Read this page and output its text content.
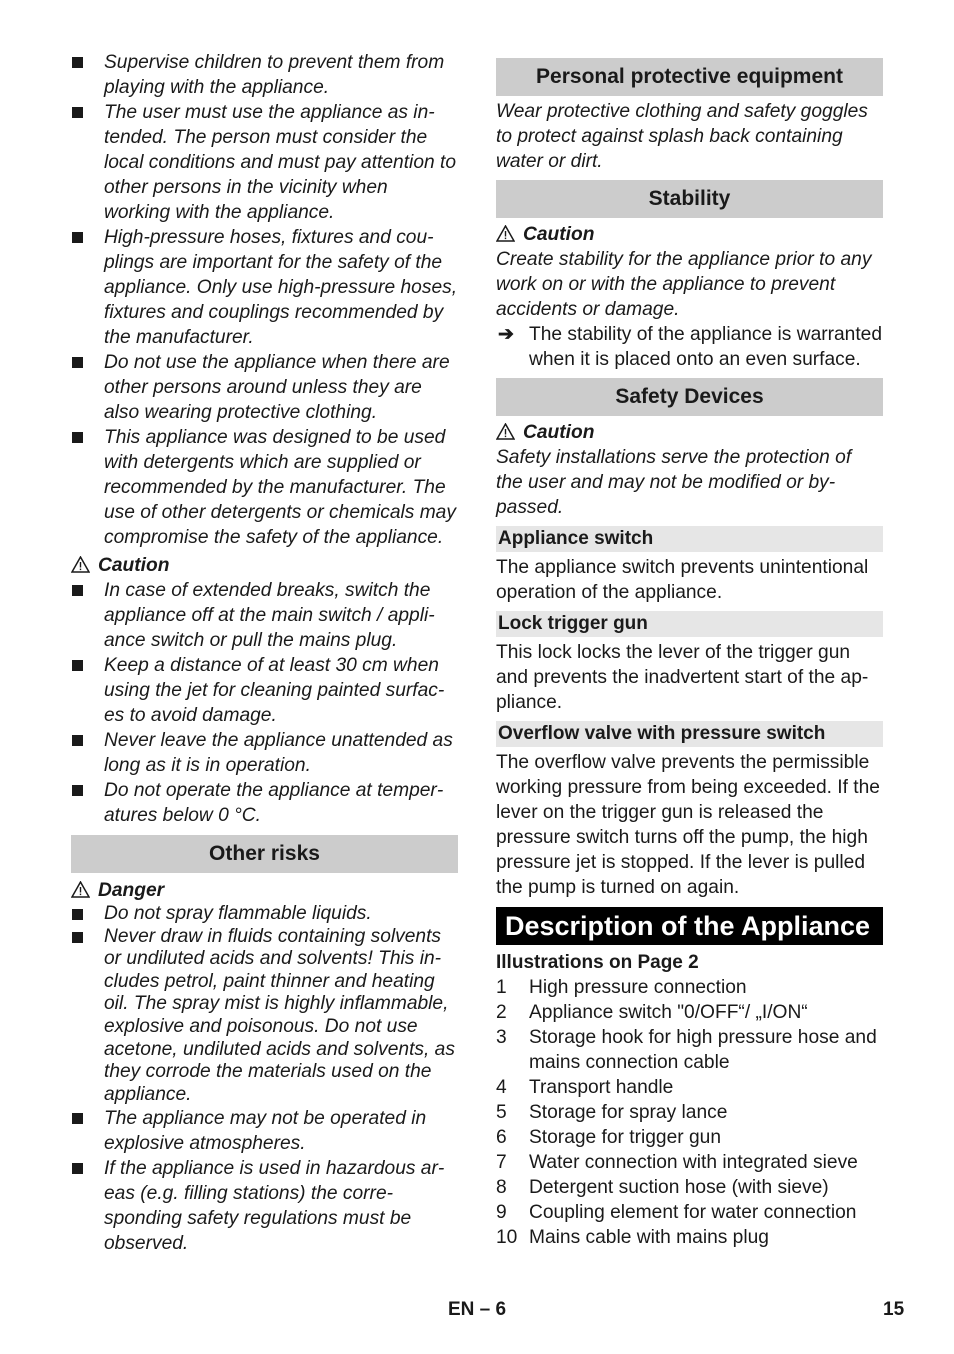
Supervise children to prevent them from playing with the appliance.
The user must use the appliance as intended. The person must consider the local conditions and must pay attention to other persons in the vicinity when working with the appliance.
High-pressure hoses, fixtures and couplings are important for the safety of the appliance. Only use high-pressure hoses, fixtures and couplings recommended by the manufacturer.
Do not use the appliance when there are other persons around unless they are also wearing protective clothing.
This appliance was designed to be used with detergents which are supplied or recommended by the manufacturer. The use of other detergents or chemicals may compromise the safety of the appliance.
Caution
In case of extended breaks, switch the appliance off at the main switch / appliance switch or pull the mains plug.
Keep a distance of at least 30 cm when using the jet for cleaning painted surfaces to avoid damage.
Never leave the appliance unattended as long as it is in operation.
Do not operate the appliance at temperatures below 0 °C.
Other risks
Danger
Do not spray flammable liquids.
Never draw in fluids containing solvents or undiluted acids and solvents! This includes petrol, paint thinner and heating oil. The spray mist is highly inflammable, explosive and poisonous. Do not use acetone, undiluted acids and solvents, as they corrode the materials used on the appliance.
The appliance may not be operated in explosive atmospheres.
If the appliance is used in hazardous areas (e.g. filling stations) the corresponding safety regulations must be observed.
Personal protective equipment
Wear protective clothing and safety goggles to protect against splash back containing water or dirt.
Stability
Caution
Create stability for the appliance prior to any work on or with the appliance to prevent accidents or damage.
➔ The stability of the appliance is warranted when it is placed onto an even surface.
Safety Devices
Caution
Safety installations serve the protection of the user and may not be modified or bypassed.
Appliance switch
The appliance switch prevents unintentional operation of the appliance.
Lock trigger gun
This lock locks the lever of the trigger gun and prevents the inadvertent start of the appliance.
Overflow valve with pressure switch
The overflow valve prevents the permissible working pressure from being exceeded. If the lever on the trigger gun is released the pressure switch turns off the pump, the high pressure jet is stopped. If the lever is pulled the pump is turned on again.
Description of the Appliance
Illustrations on Page 2
1 High pressure connection
2 Appliance switch "0/OFF“/ „I/ON“
3 Storage hook for high pressure hose and mains connection cable
4 Transport handle
5 Storage for spray lance
6 Storage for trigger gun
7 Water connection with integrated sieve
8 Detergent suction hose (with sieve)
9 Coupling element for water connection
10 Mains cable with mains plug
EN – 6	15
